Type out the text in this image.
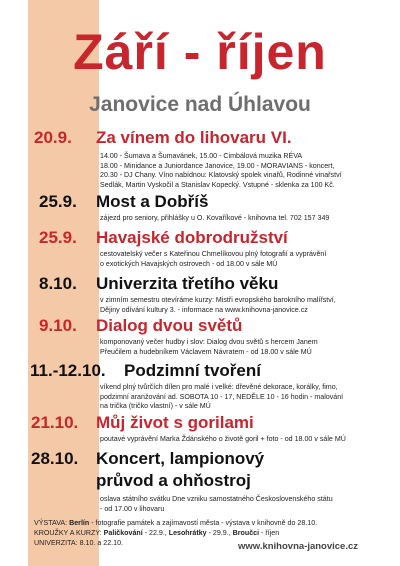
Září - říjen
Janovice nad Úhlavou
20.9. Za vínem do lihovaru VI.
14.00 - Šumava a Šumavánek, 15.00 - Cimbálová muzika RÉVA
18.00 - Minidance a Juniordance Janovice, 19.00 - MORAVIANS - koncert,
20.30 - DJ Chany. Víno nabídnou: Klatovský spolek vinařů, Rodinné vinařství
Sedlák, Martin Vyskočil a Stanislav Kopecký. Vstupné - sklenka za 100 Kč.
25.9. Most a Dobříš
zájezd pro seniory, přihlášky u O. Kovaříkové - knihovna tel. 702 157 349
25.9. Havajské dobrodružství
cestovatelský večer s Kateřinou Chmelíkovou plný fotografií a vyprávění
o exotických Havajských ostrovech - od 18.00 v sále MÚ
8.10. Univerzita třetího věku
v zimním semestru otevíráme kurzy: Mistři evropského barokního malířství,
Dějiny odívání kultury 3. - informace na www.knihovna-janovice.cz
9.10. Dialog dvou světů
komponovaný večer hudby i slov: Dialog dvou světů s hercem Janem
Přeučilem a hudebníkem Václavem Návratem - od 18.00 v sále MÚ
11.-12.10. Podzimní tvoření
víkend plný tvůrčích dílen pro malé i velké: dřevěné dekorace, korálky, fimo,
podzimní aranžování ad. SOBOTA 10 - 17, NEDĚLE 10 - 16 hodin - malování
na trička (tričko vlastní) - v sále MÚ
21.10. Můj život s gorilami
poutavé vyprávění Marka Ždánského o životě goril + foto - od 18.00 v sále MÚ
28.10. Koncert, lampionový
průvod a ohňostroj
oslava státního svátku Dne vzniku samostatného Československého státu
- od 17.00 v lihovaru
VÝSTAVA: Berlín - fotografie památek a zajímavostí města - výstava v knihovně do 28.10.
KROUŽKY A KURZY: Paličkování - 22.9., Lesohrátky - 29.9., Broučci - říjen
UNIVERZITA: 8.10. a 22.10.	www.knihovna-janovice.cz
